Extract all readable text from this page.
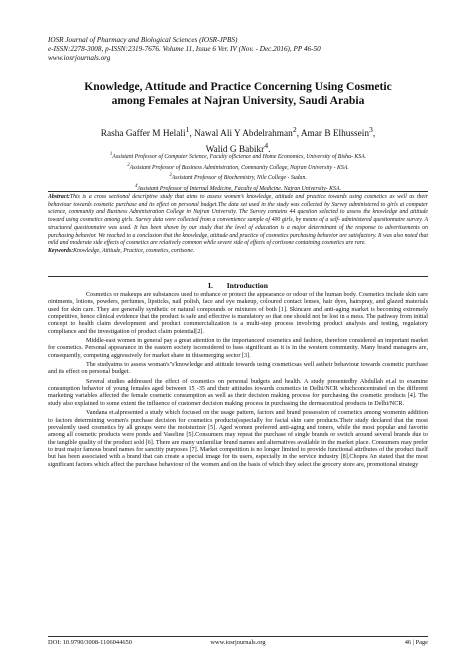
IOSR Journal of Pharmacy and Biological Sciences (IOSR-JPBS)
e-ISSN:2278-3008, p-ISSN:2319-7676. Volume 11, Issue 6 Ver. IV (Nov. - Dec.2016), PP 46-50
www.iosrjournals.org
Knowledge, Attitude and Practice Concerning Using Cosmetic
among Females at Najran University, Saudi Arabia
Rasha Gaffer M Helali$^1$, Nawal Ali Y Abdelrahman$^2$, Amar B Elhussein$^3$,
Walid G Babikr$^4$.
$^1$Assistant Professor of Computer Science, Faculty ofScience and Home Economics, University of Bisha- KSA.
$^2$Assistant Professor of Business Administration, Community College, Najran University - KSA.
$^3$Assistant Professor of Biochemistry, Nile College - Sudan.
$^4$Assistant Professor of Internal Medicine, Faculty of Medicine. Najran University- KSA.
Abstract:This is a cross sectional descriptive study that aims to assess women’s knowledge, attitude and practice towards using cosmetics as well as their behaviour towards cosmetic purchase and its effect on personal budget.The data set used in the study was collected by Survey administered to girls at computer science, community and Business Administration College in Najran University. The Survey contains 44 question selected to assess the knowledge and attitude toward using cosmetics among girls. Survey data were collected from a convenience sample of 400 girls, by means of a self- administered questionnaire survey. A structured questionnaire was used. It has been shown by our study that the level of education is a major determinant of the response to advertisements on purchasing behavior. We reached to a conclusion that the knowledge, attitude and practice of cosmetics purchasing behavior are satisfactory. It was also noted that mild and moderate side effects of cosmetics are relatively common while severe side of effects of cortisone containing cosmetics are rare.
Keywords:Knowledge, Attitude, Practice, cosmetics, cortisone.
I. Introduction

Cosmetics or makeups are substances used to enhance or protect the appearance or odour of the human body. Cosmetics include skin care ointments, lotions, powders, perfumes, lipsticks, nail polish, face and eye makeup, coloured contact lenses, hair dyes, hairspray, and glazed materials used for skin care. They are generally synthetic or natural compounds or mixtures of both [1]. Skincare and anti-aging market is becoming extremely competitive, hence clinical evidence that the product is safe and effective is mandatory so that one should not be lost in a mess. The pathway from initial concept to health claim development and product commercialization is a multi-step process involving product analysis and testing, regulatory compliance and the investigation of product claim potential[2].

Middle-east women in general pay a great attention to the importanceof cosmetics and fashion, therefore considered an important market for cosmetics. Personal appearance in the eastern society isconsidered to bass significant as it is in the western community. Many brand managers are, consequently, competing aggressively for market share in thisemerging sector [3].

The studyaims to assess woman's"s'knowledge and attitude towards using cosmeticsas well astheir behaviour towards cosmetic purchase and its effect on personal budget.

Several studies addressed the effect of cosmetics on personal budgets and health. A study presentedby Abdullah et.al to examine consumption behavior of young females aged between 15 -35 and their attitudes towards cosmetics in Delhi/NCR whichconcentrated on the different marketing variables affected the female cosmetic consumption as well as their decision making process for purchasing the cosmetic products [4]. The study also explained to some extent the influence of customer decision making process in purchasing the dermaceutical products in Delhi/NCR.

Vandana et.alpresented a study which focused on the usage pattern, factors and brand possession of cosmetics among womenin addition to factors determining women's purchase decision for cosmetics products(especially for facial skin care products.Their study declared that the most prevalently used cosmetics by all groups were the moisturizer [5]. Aged women preferred anti-aging and toners, while the most popular and favorite among all cosmetic products were ponds and Vaseline [5].Consumers may repeat the purchase of single brands or switch around several brands due to the tangible quality of the product sold [6]. There are many unfamiliar brand names and alternatives available in the market place. Consumers may prefer to trust major famous brand names for sanctity purposes [7]. Market competition is no longer limited to provide functional attributes of the product itself but has been associated with a brand that can create a special image for its users, especially in the service industry [8].Chopra An stated that the most significant factors which affect the purchase behaviour of the women and on the basis of which they select the grocery store are, promotional strategy

DOI: 10.9790/3008-1106044650	www.iosrjournals.org	46 | Page
